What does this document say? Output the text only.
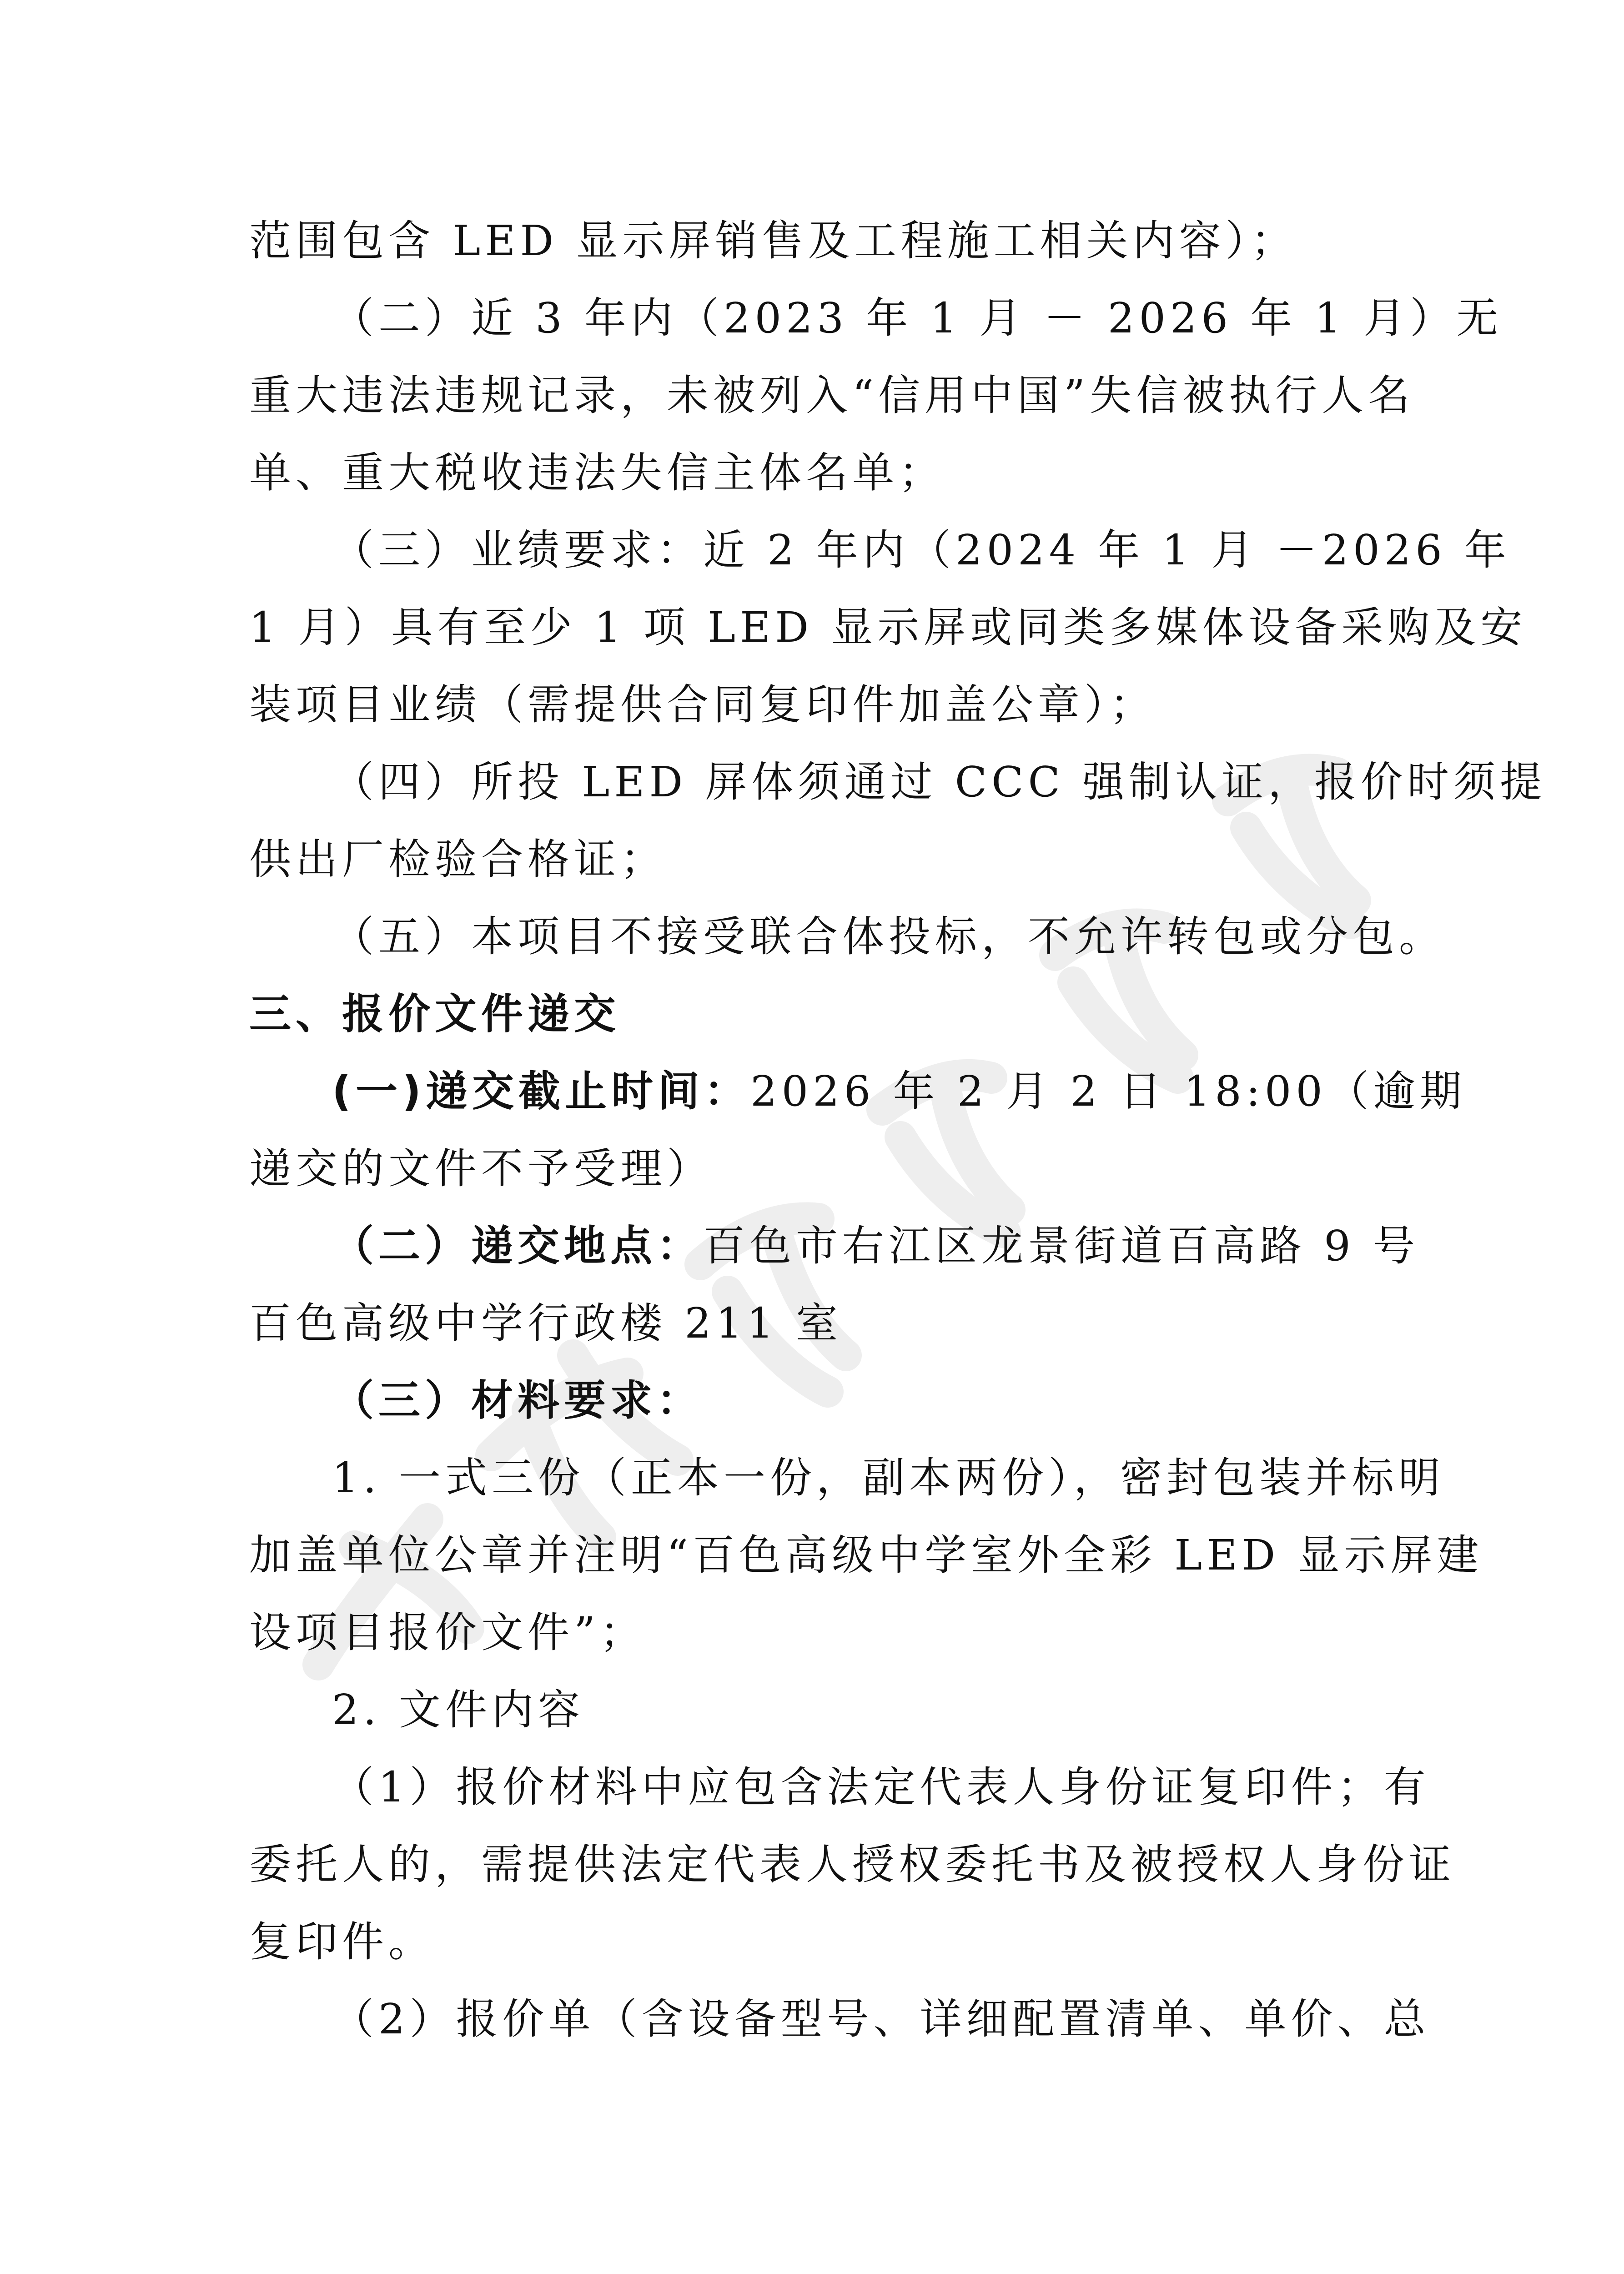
范围包含 LED 显示屏销售及工程施工相关内容）；
（二）近 3 年内（2023 年 1 月 － 2026 年 1 月）无
重大违法违规记录，未被列入“信用中国”失信被执行人名
单、重大税收违法失信主体名单；
（三）业绩要求：近 2 年内（2024 年 1 月 －2026 年
1 月）具有至少 1 项 LED 显示屏或同类多媒体设备采购及安
装项目业绩（需提供合同复印件加盖公章）；
（四）所投 LED 屏体须通过 CCC 强制认证，报价时须提
供出厂检验合格证；
（五）本项目不接受联合体投标，不允许转包或分包。
三、报价文件递交
(一)递交截止时间：2026 年 2 月 2 日 18:00（逾期
递交的文件不予受理）
（二）递交地点：百色市右江区龙景街道百高路 9 号
百色高级中学行政楼 211 室
（三）材料要求：
1. 一式三份（正本一份，副本两份），密封包装并标明
加盖单位公章并注明“百色高级中学室外全彩 LED 显示屏建
设项目报价文件”；
2. 文件内容
（1）报价材料中应包含法定代表人身份证复印件；有
委托人的，需提供法定代表人授权委托书及被授权人身份证
复印件。
（2）报价单（含设备型号、详细配置清单、单价、总
